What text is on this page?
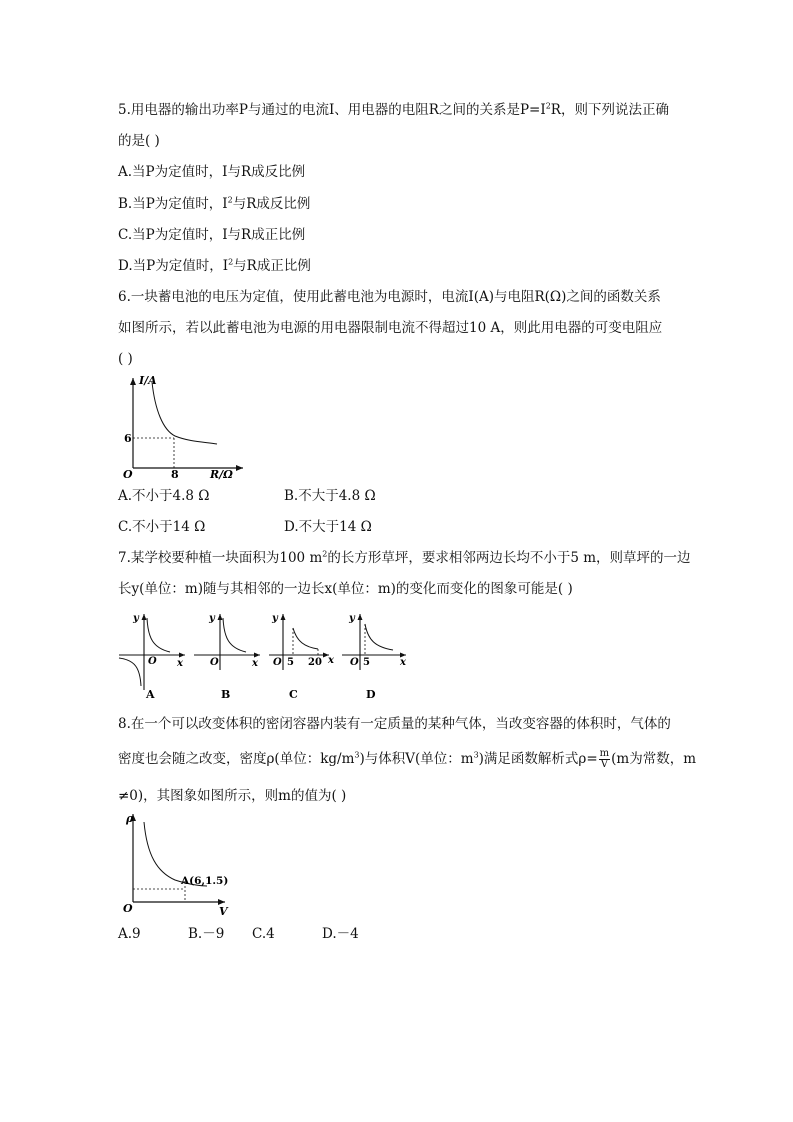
5.用电器的输出功率P与通过的电流I、用电器的电阻R之间的关系是$P=I^2R$，则下列说法正确
的是( )
A.当P为定值时，I与R成反比例
B.当P为定值时，$I^2$与R成反比例
C.当P为定值时，I与R成正比例
D.当P为定值时，$I^2$与R成正比例
6.一块蓄电池的电压为定值，使用此蓄电池为电源时，电流I(A)与电阻R(Ω)之间的函数关系
如图所示，若以此蓄电池为电源的用电器限制电流不得超过10 A，则此用电器的可变电阻应
( )
I/A
R/Ω
O
6
8
A.不小于4.8 Ω	B.不大于4.8 Ω
C.不小于14 Ω	D.不大于14 Ω
7.某学校要种植一块面积为100 $m^2$的长方形草坪，要求相邻两边长均不小于5 m，则草坪的一边
长y(单位：m)随与其相邻的一边长x(单位：m)的变化而变化的图象可能是( )
y
O x
A
y
O	x
B
y
O 5 20 x
C
y
O 5	x
D
8.在一个可以改变体积的密闭容器内装有一定质量的某种气体，当改变容器的体积时，气体的
密度也会随之改变，密度ρ(单位：$kg/m^3$)与体积V(单位：$m^3$)满足函数解析式$\rho= \frac{m}{V} (m$为常数，m
≠0)，其图象如图所示，则m的值为( )
ρ
V
O
A(6,1.5)
A.9	B.－9 C.4	D.－4
